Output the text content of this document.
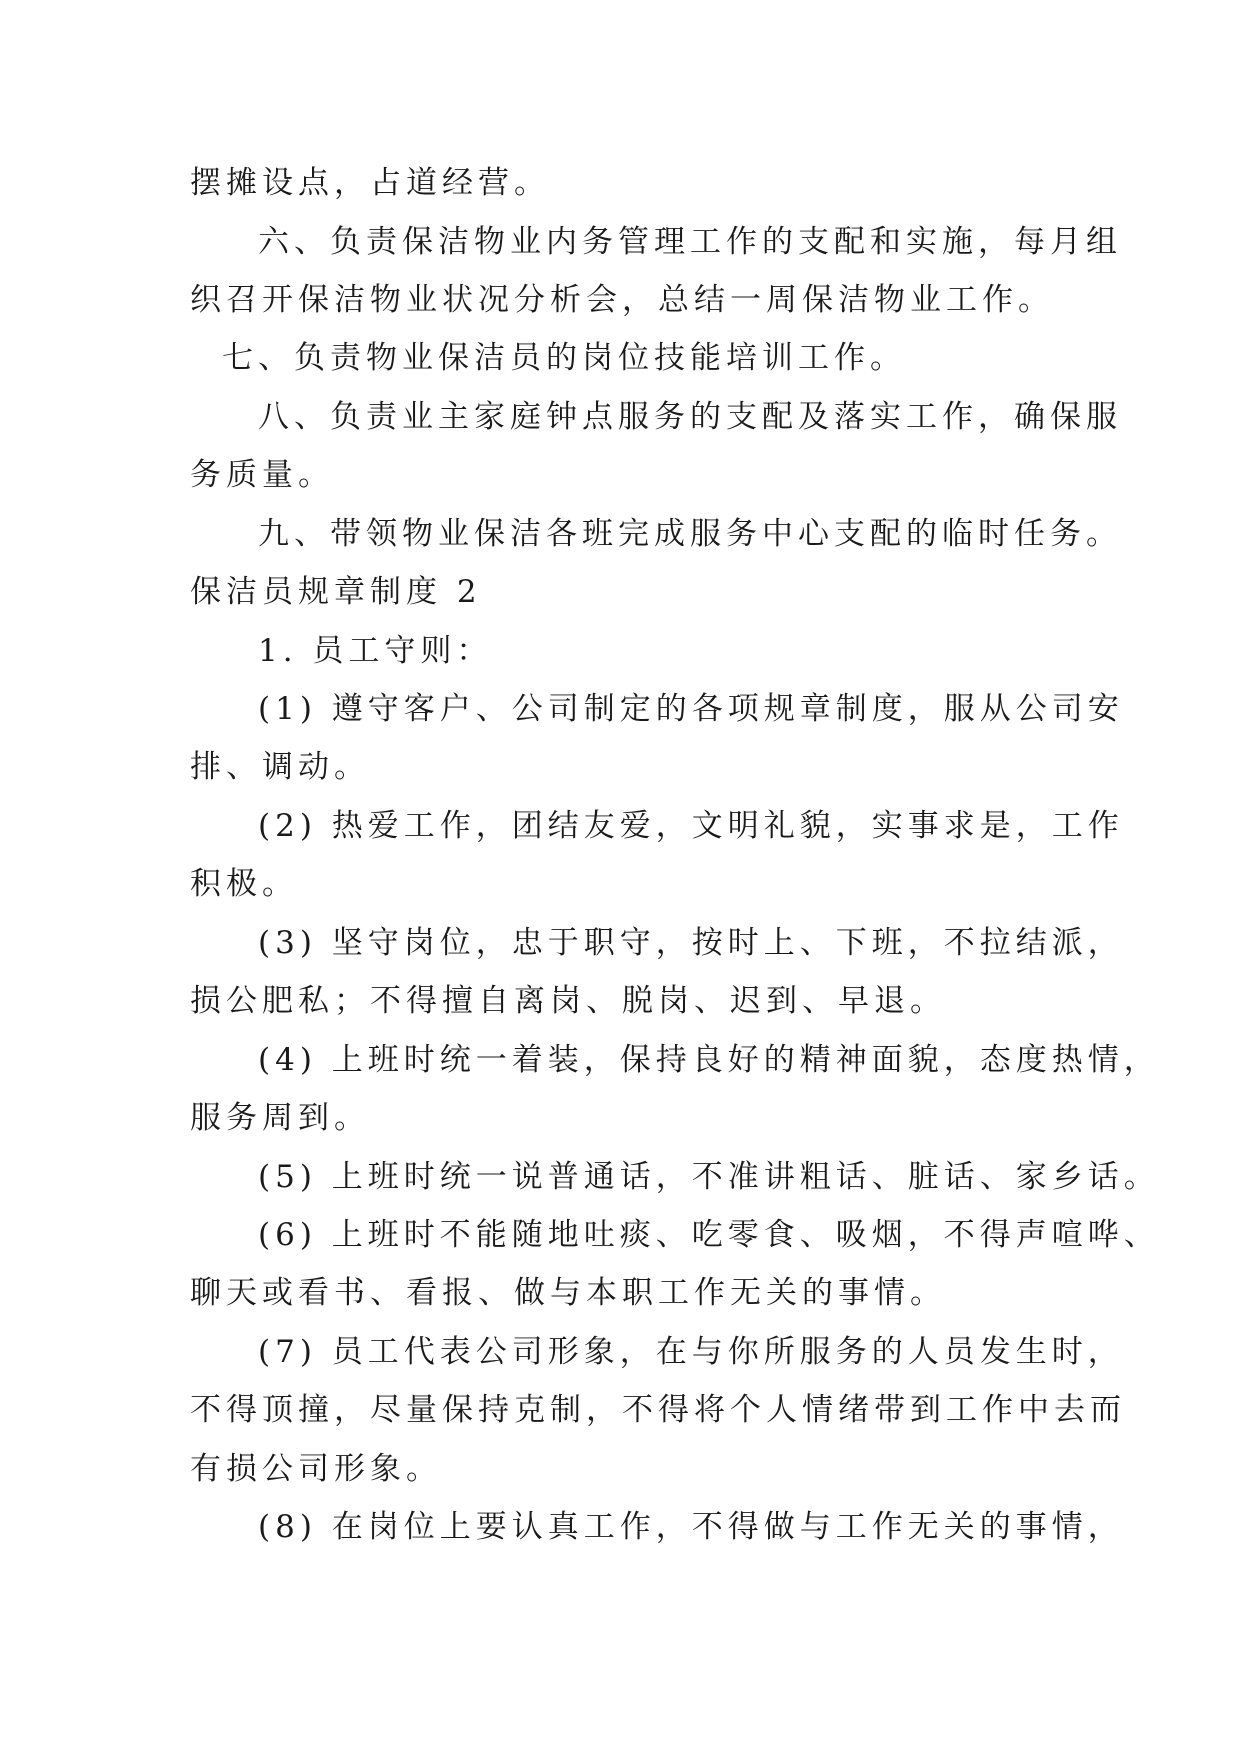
摆摊设点，占道经营。
六、负责保洁物业内务管理工作的支配和实施，每月组
织召开保洁物业状况分析会，总结一周保洁物业工作。
七、负责物业保洁员的岗位技能培训工作。
八、负责业主家庭钟点服务的支配及落实工作，确保服
务质量。
九、带领物业保洁各班完成服务中心支配的临时任务。
保洁员规章制度 2
1. 员工守则：
(1) 遵守客户、公司制定的各项规章制度，服从公司安
排、调动。
(2) 热爱工作，团结友爱，文明礼貌，实事求是，工作
积极。
(3) 坚守岗位，忠于职守，按时上、下班，不拉结派，
损公肥私；不得擅自离岗、脱岗、迟到、早退。
(4) 上班时统一着装，保持良好的精神面貌，态度热情，
服务周到。
(5) 上班时统一说普通话，不准讲粗话、脏话、家乡话。
(6) 上班时不能随地吐痰、吃零食、吸烟，不得声喧哗、
聊天或看书、看报、做与本职工作无关的事情。
(7) 员工代表公司形象，在与你所服务的人员发生时，
不得顶撞，尽量保持克制，不得将个人情绪带到工作中去而
有损公司形象。
(8) 在岗位上要认真工作，不得做与工作无关的事情，
